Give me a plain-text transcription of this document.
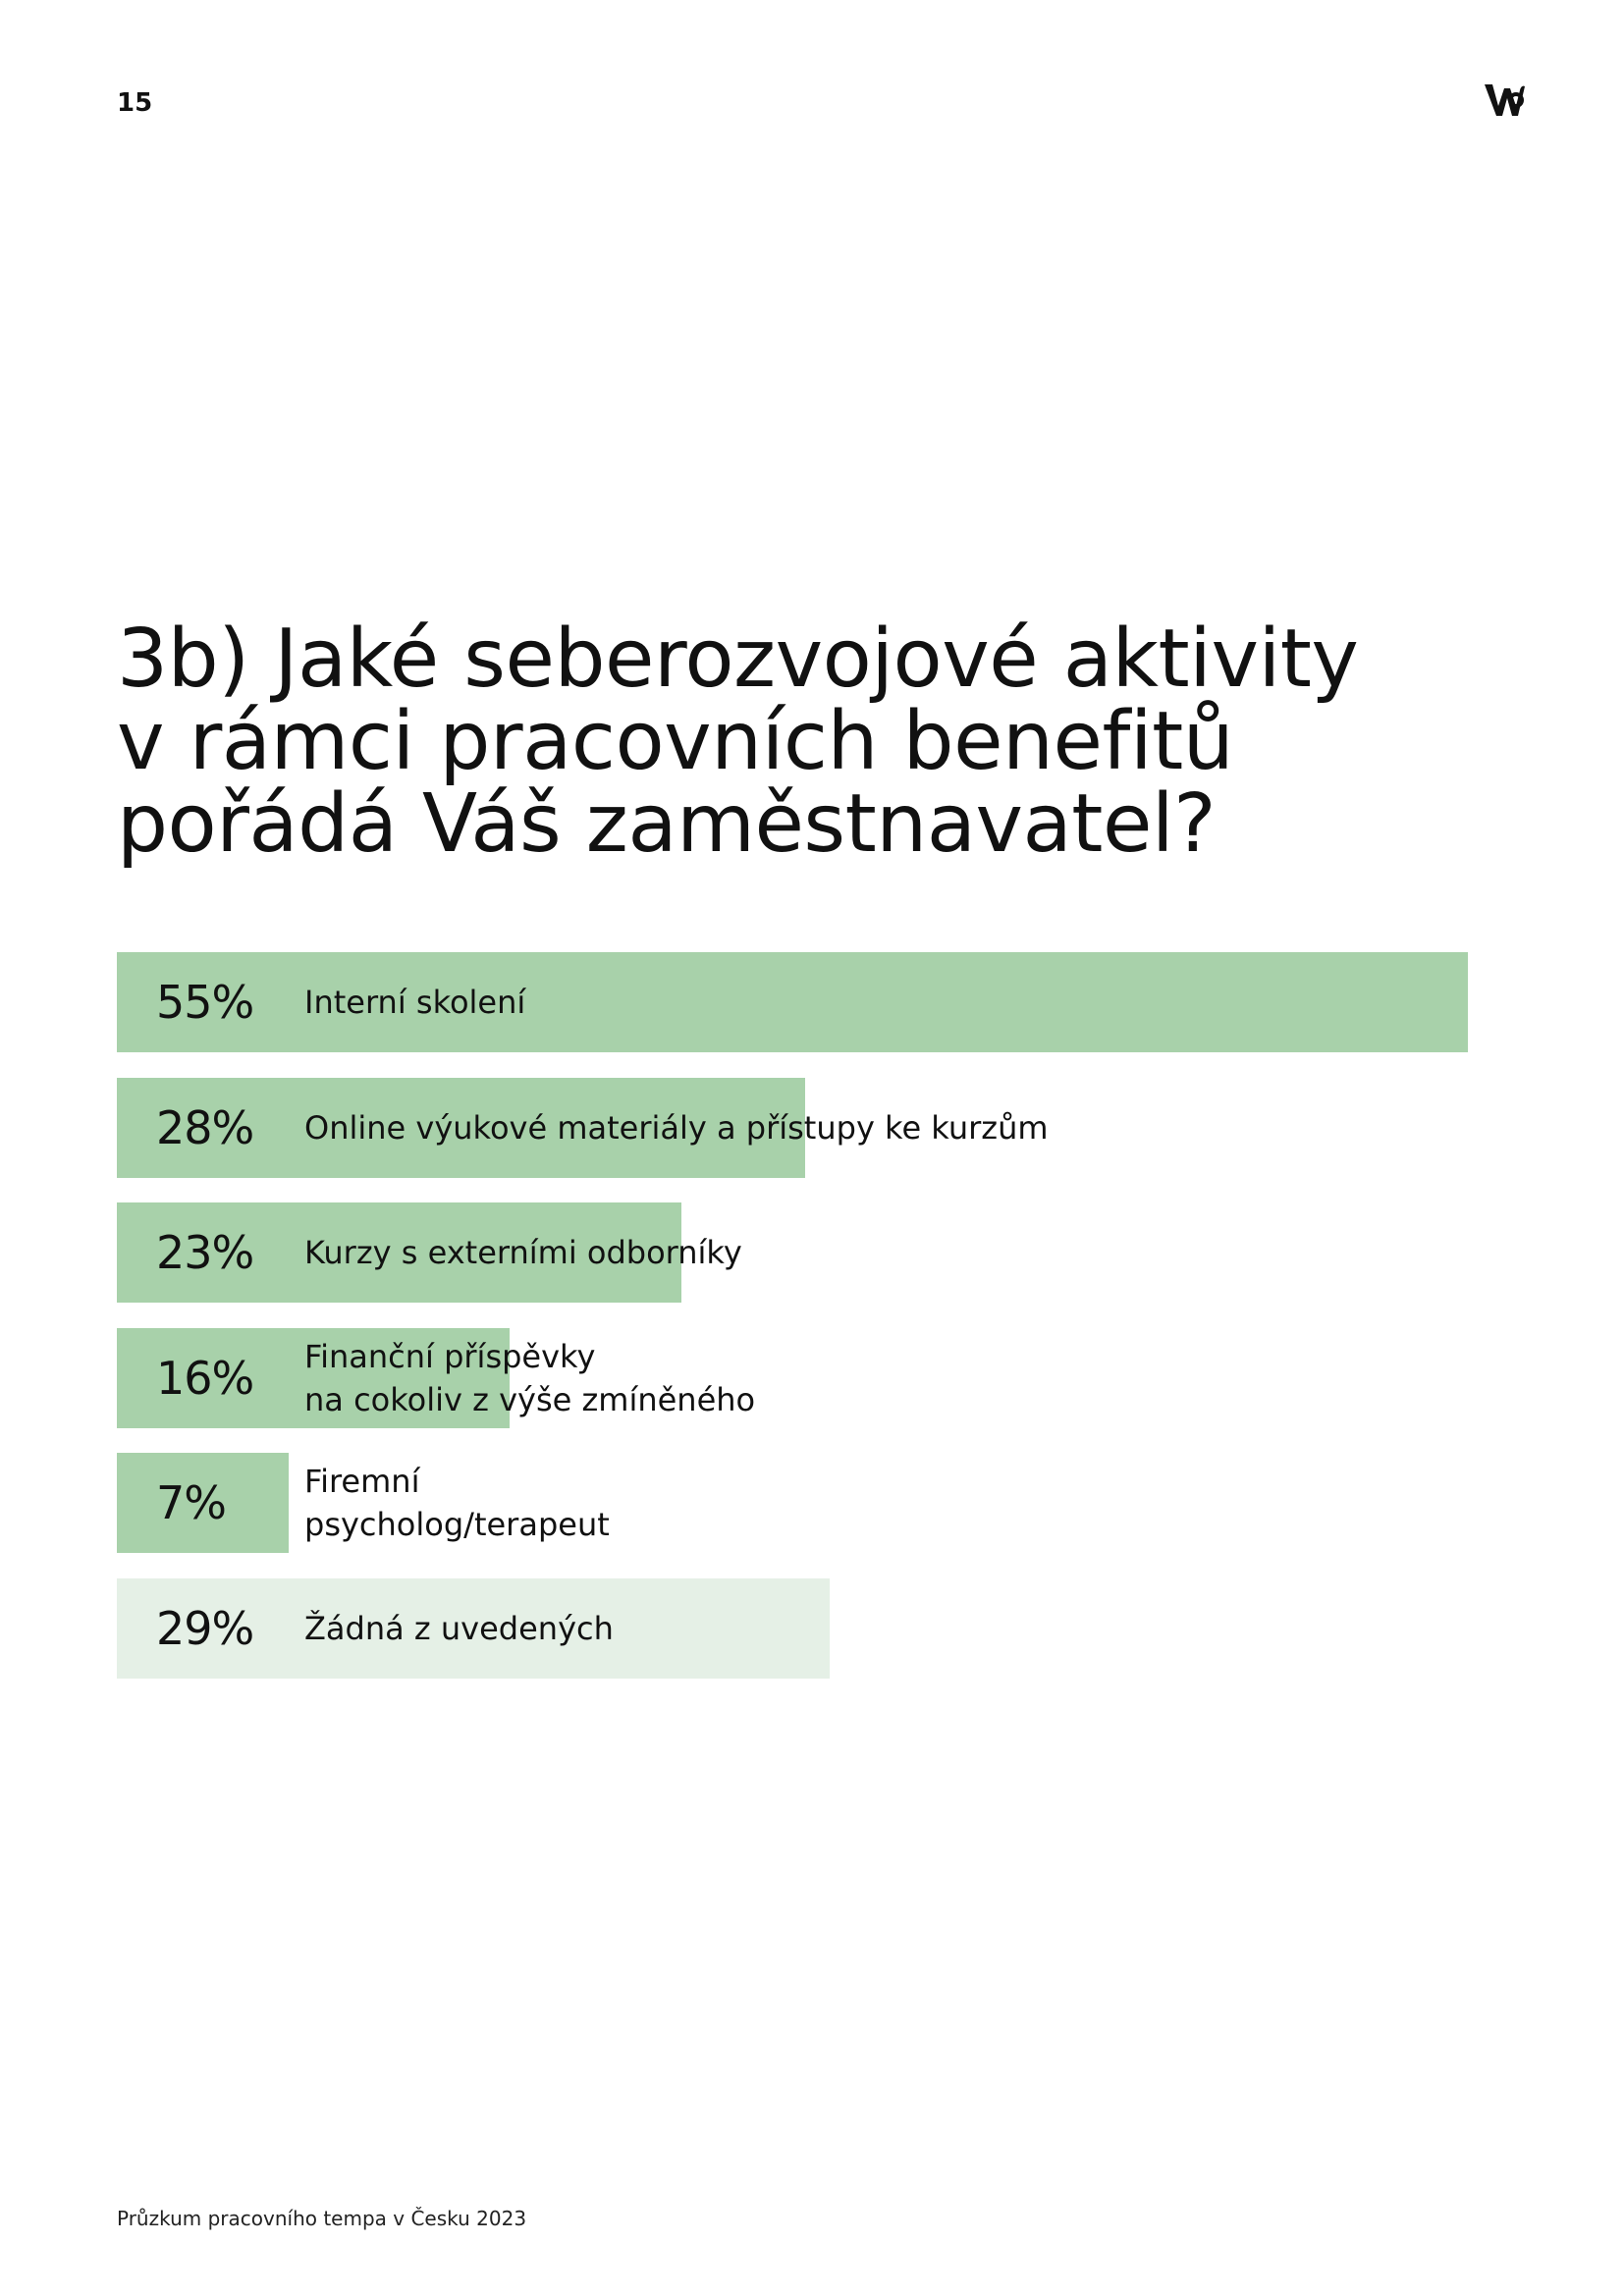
15
3b) Jaké seberozvojové aktivity
v rámci pracovních benefitů
pořádá Váš zaměstnavatel?
55% Interní skolení
28% Online výukové materiály a přístupy ke kurzům
23% Kurzy s externími odborníky
16% Finanční příspěvky
na cokoliv z výše zmíněného
7%	Firemní
psycholog/terapeut
29% Žádná z uvedených
Průzkum pracovního tempa v Česku 2023
